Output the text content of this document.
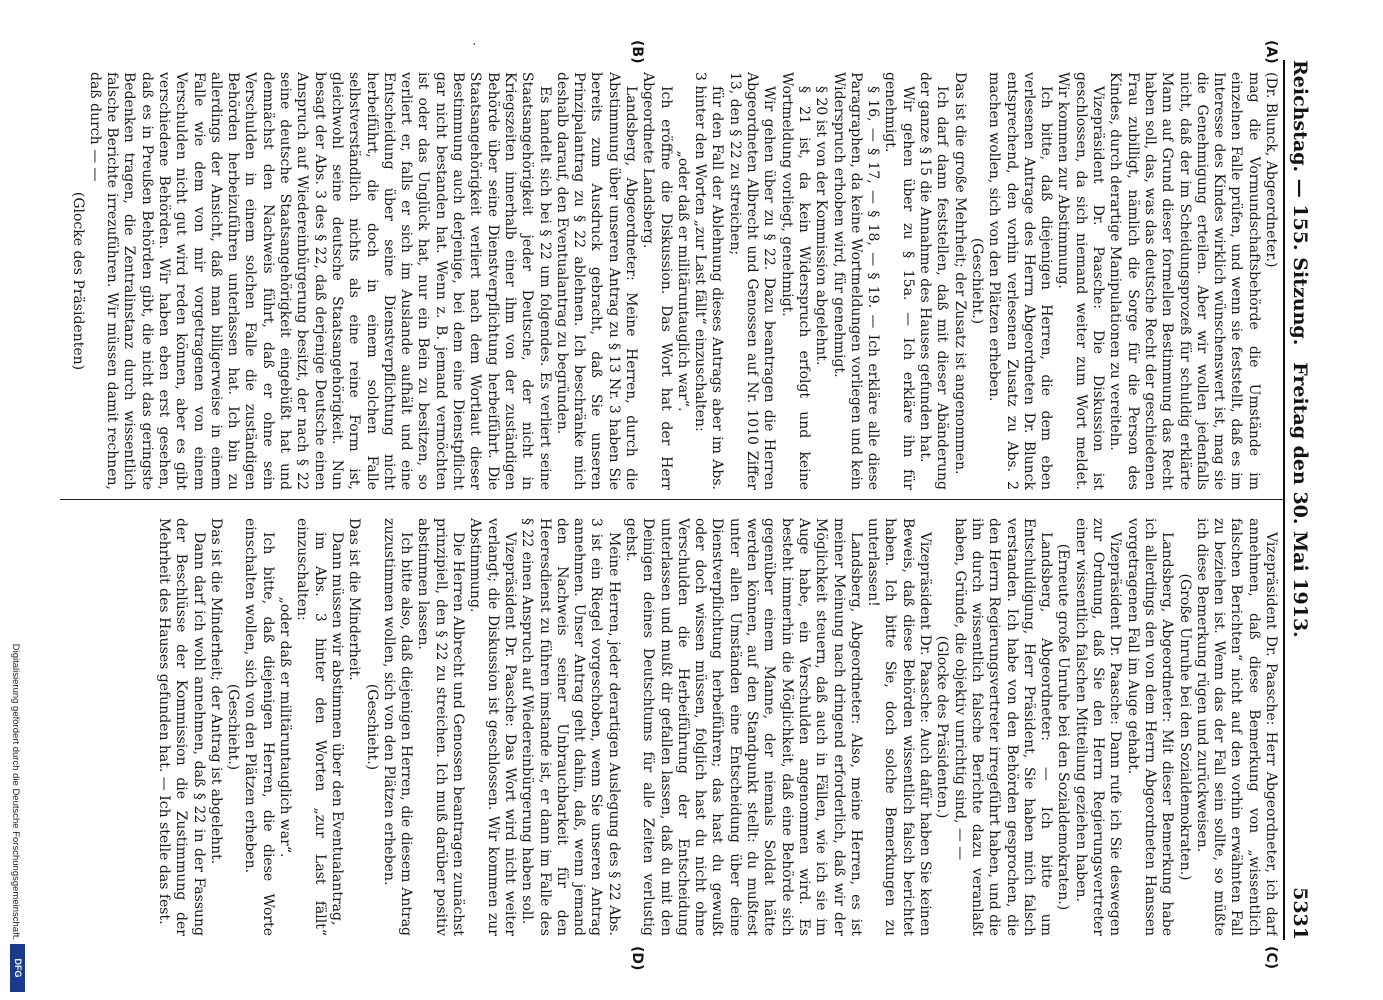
Reichstag. — 155. Sitzung.
Freitag den 30. Mai 1913.
5331
(A)
(B)
(C)
(D)

(Dr. Blunck, Abgeordneter.)

mag die Vormundschaftsbehörde die Umstände im einzelnen Falle prüfen, und wenn sie feststellt, daß es im Interesse des Kindes wirklich wünschenswert ist, mag sie die Genehmigung erteilen. Aber wir wollen jedenfalls nicht, daß der im Scheidungsprozeß für schuldig erklärte Mann auf Grund dieser formellen Bestimmung das Recht haben soll, das, was das deutsche Recht der geschiedenen Frau zubilligt, nämlich die Sorge für die Person des Kindes, durch derartige Manipulationen zu vereiteln.

Vizepräsident Dr. Paasche: Die Diskussion ist geschlossen, da sich niemand weiter zum Wort meldet. Wir kommen zur Abstimmung.

Ich bitte, daß diejenigen Herren, die dem eben verlesenen Antrage des Herrn Abgeordneten Dr. Blunck entsprechend, den vorhin verlesenen Zusatz zu Abs. 2 machen wollen, sich von den Plätzen erheben.

(Geschieht.)

Das ist die große Mehrheit; der Zusatz ist angenommen.

Ich darf dann feststellen, daß mit dieser Abänderung der ganze § 15 die Annahme des Hauses gefunden hat.

Wir gehen über zu § 15a. — Ich erkläre ihn für genehmigt.

§ 16, — § 17, — § 18, — § 19. — Ich erkläre alle diese Paragraphen, da keine Wortmeldungen vorliegen und kein Widerspruch erhoben wird, für genehmigt.

§ 20 ist von der Kommission abgelehnt.

§ 21 ist, da kein Widerspruch erfolgt und keine Wortmeldung vorliegt, genehmigt.

Wir gehen über zu § 22. Dazu beantragen die Herren Abgeordneten Albrecht und Genossen auf Nr. 1010 Ziffer 13, den § 22 zu streichen;

für den Fall der Ablehnung dieses Antrags aber im Abs. 3 hinter den Worten „zur Last fällt“ einzuschalten:

„oder daß er militäruntauglich war“.

Ich eröffne die Diskussion. Das Wort hat der Herr Abgeordnete Landsberg.

Landsberg, Abgeordneter: Meine Herren, durch die Abstimmung über unseren Antrag zu § 13 Nr. 3 haben Sie bereits zum Ausdruck gebracht, daß Sie unseren Prinzipalantrag zu § 22 ablehnen. Ich beschränke mich deshalb darauf, den Eventualantrag zu begründen.

Es handelt sich bei § 22 um folgendes. Es verliert seine Staatsangehörigkeit jeder Deutsche, der nicht in Kriegszeiten innerhalb einer ihm von der zuständigen Behörde über seine Dienstverpflichtung herbeiführt. Die Staatsangehörigkeit verliert nach dem Wortlaut dieser Bestimmung auch derjenige, bei dem eine Dienstpflicht gar nicht bestanden hat. Wenn z. B. jemand vermöchten ist oder das Unglück hat, nur ein Bein zu besitzen, so verliert er, falls er sich im Auslande aufhält und eine Entscheidung über seine Dienstverpflichtung nicht herbeiführt, die doch in einem solchen Falle selbstverständlich nichts als eine reine Form ist, gleichwohl seine deutsche Staatsangehörigkeit. Nun besagt der Abs. 3 des § 22, daß derjenige Deutsche einen Anspruch auf Wiedereinbürgerung besitzt, der nach § 22 seine deutsche Staatsangehörigkeit eingebüßt hat und demnächst den Nachweis führt, daß er ohne sein Verschulden in einem solchen Falle die zuständigen Behörden herbeizuführen unterlassen hat. Ich bin zu allerdings der Ansicht, daß man billigerweise in einem Falle wie dem von mir vorgetragenen von einem Verschulden nicht gut wird reden können, aber es gibt verschiedene Behörden. Wir haben eben erst gesehen, daß es in Preußen Behörden gibt, die nicht das geringste Bedenken tragen, die Zentralinstanz durch wissentlich falsche Berichte irrezuführen. Wir müssen damit rechnen, daß durch — —

(Glocke des Präsidenten)

Vizepräsident Dr. Paasche: Herr Abgeordneter, ich darf annehmen, daß diese Bemerkung von „wissentlich falschen Berichten“ nicht auf den vorhin erwähnten Fall zu beziehen ist. Wenn das der Fall sein sollte, so müßte ich diese Bemerkung rügen und zurückweisen.

(Große Unruhe bei den Sozialdemokraten.)

Landsberg, Abgeordneter: Mit dieser Bemerkung habe ich allerdings den von dem Herrn Abgeordneten Hanssen vorgetragenen Fall im Auge gehabt.

Vizepräsident Dr. Paasche: Dann rufe ich Sie deswegen zur Ordnung, daß Sie den Herrn Regierungsvertreter einer wissentlich falschen Mitteilung geziehen haben.

(Erneute große Unruhe bei den Sozialdemokraten.)

Landsberg, Abgeordneter: — Ich bitte um Entschuldigung, Herr Präsident, Sie haben mich falsch verstanden. Ich habe von den Behörden gesprochen, die den Herrn Regierungsvertreter irregeführt haben, und die ihn durch wissentlich falsche Berichte dazu veranlaßt haben, Gründe, die objektiv unrichtig sind, — —

(Glocke des Präsidenten.)

Vizepräsident Dr. Paasche: Auch dafür haben Sie keinen Beweis, daß diese Behörden wissentlich falsch berichtet haben. Ich bitte Sie, doch solche Bemerkungen zu unterlassen!

Landsberg, Abgeordneter: Also, meine Herren, es ist meiner Meinung nach dringend erforderlich, daß wir der Möglichkeit steuern, daß auch in Fällen, wie ich sie im Auge habe, ein Verschulden angenommen wird. Es besteht immerhin die Möglichkeit, daß eine Behörde sich gegenüber einem Manne, der niemals Soldat hätte werden können, auf den Standpunkt stellt: du mußtest unter allen Umständen eine Entscheidung über deine Dienstverpflichtung herbeiführen; das hast du gewußt oder doch wissen müssen, folglich hast du nicht ohne Verschulden die Herbeiführung der Entscheidung unterlassen und mußt dir gefallen lassen, daß du mit den Deinigen deines Deutschtums für alle Zeiten verlustig gehst.

Meine Herren, jeder derartigen Auslegung des § 22 Abs. 3 ist ein Riegel vorgeschoben, wenn Sie unseren Antrag annehmen. Unser Antrag geht dahin, daß, wenn jemand den Nachweis seiner Unbrauchbarkeit für den Heeresdienst zu führen imstande ist, er dann im Falle des § 22 einen Anspruch auf Wiedereinbürgerung haben soll.

Vizepräsident Dr. Paasche: Das Wort wird nicht weiter verlangt; die Diskussion ist geschlossen. Wir kommen zur Abstimmung.

Die Herren Albrecht und Genossen beantragen zunächst prinzipiell, den § 22 zu streichen. Ich muß darüber positiv abstimmen lassen.

Ich bitte also, daß diejenigen Herren, die diesem Antrag zuzustimmen wollen, sich von den Plätzen erheben.

(Geschieht.)

Das ist die Minderheit.

Dann müssen wir abstimmen über den Eventualantrag,

im Abs. 3 hinter den Worten „zur Last fällt“ einzuschalten:

„oder daß er militäruntauglich war“.

Ich bitte, daß diejenigen Herren, die diese Worte einschalten wollen, sich von den Plätzen erheben.

(Geschieht.)

Das ist die Minderheit; der Antrag ist abgelehnt.

Dann darf ich wohl annehmen, daß § 22 in der Fassung der Beschlüsse der Kommission die Zustimmung der Mehrheit des Hauses gefunden hat. — Ich stelle das fest.

·
Digitalisierung gefördert durch die Deutsche Forschungsgemeinschaft.
DFG
